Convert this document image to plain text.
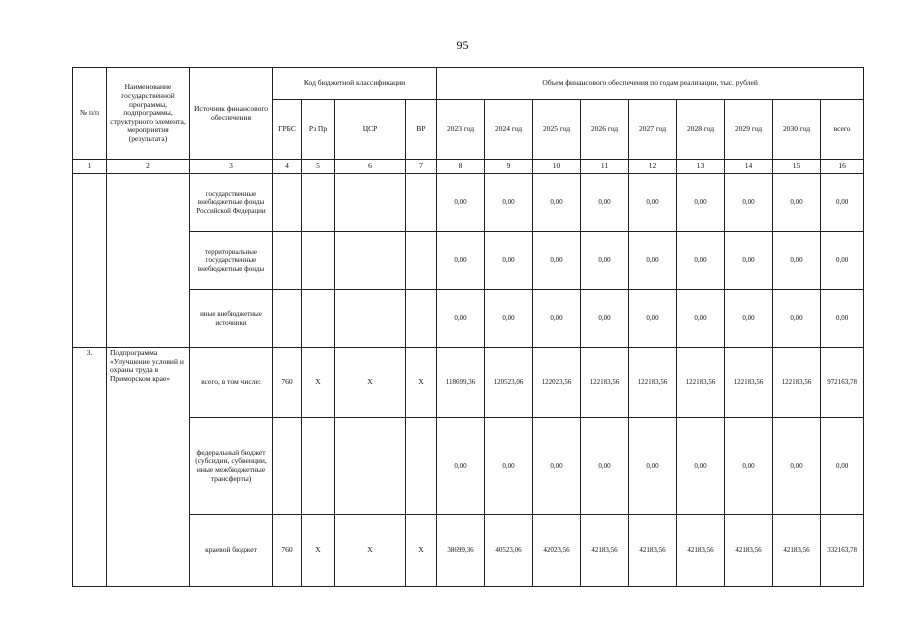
95
№ п/п	Наименование государственной программы, подпрограммы, структурного элемента, мероприятия (результата)	Источник финансового обеспечения	Код бюджетной классификации				Объем финансового обеспечения по годам реализации, тыс. рублей								
			ГРБС	Рз Пр	ЦСР	ВР	2023 год	2024 год	2025 год	2026 год	2027 год	2028 год	2029 год	2030 год	всего
1	2	3	4	5	6	7	8	9	10	11	12	13	14	15	16
		государственные внебюджетные фонды Российской Федерации					0,00	0,00	0,00	0,00	0,00	0,00	0,00	0,00	0,00
		территориальные государственные внебюджетные фонды					0,00	0,00	0,00	0,00	0,00	0,00	0,00	0,00	0,00
		иные внебюджетные источники					0,00	0,00	0,00	0,00	0,00	0,00	0,00	0,00	0,00
3.	Подпрограмма «Улучшение условий и охраны труда в Приморском крае»	всего, в том числе:	760	X	X	X	118699,36	120523,06	122023,56	122183,56	122183,56	122183,56	122183,56	122183,56	972163,78
		федеральный бюджет (субсидии, субвенции, иные межбюджетные трансферты)					0,00	0,00	0,00	0,00	0,00	0,00	0,00	0,00	0,00
		краевой бюджет	760	X	X	X	38699,36	40523,06	42023,56	42183,56	42183,56	42183,56	42183,56	42183,56	332163,78
